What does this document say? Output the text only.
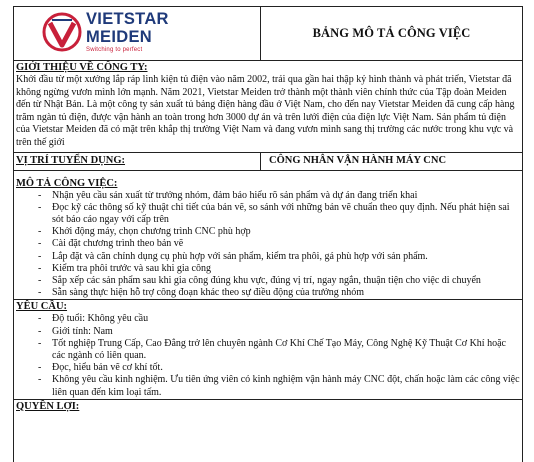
VIETSTAR
MEIDEN
Switching to perfect
BẢNG MÔ TẢ CÔNG VIỆC
GIỚI THIỆU VỀ CÔNG TY:
Khởi đầu từ một xưởng lắp ráp linh kiện tủ điện vào năm 2002, trải qua gần hai thập kỷ hình thành và phát triển, Vietstar đã không ngừng vươn mình lớn mạnh. Năm 2021, Vietstar Meiden trở thành một thành viên chính thức của Tập đoàn Meiden đến từ Nhật Bản. Là một công ty sản xuất tủ bảng điện hàng đầu ở Việt Nam, cho đến nay Vietstar Meiden đã cung cấp hàng trăm ngàn tủ điện, được vận hành an toàn trong hơn 3000 dự án và trên lưới điện của điện lực Việt Nam. Sản phẩm tủ điện của Vietstar Meiden đã có mặt trên khắp thị trường Việt Nam và đang vươn mình sang thị trường các nước trong khu vực và trên thế giới
VỊ TRÍ TUYỂN DỤNG:	CÔNG NHÂN VẬN HÀNH MÁY CNC
MÔ TẢ CÔNG VIỆC:
- Nhận yêu cầu sản xuất từ trưởng nhóm, đảm bảo hiểu rõ sản phẩm và dự án đang triển khai
- Đọc kỹ các thông số kỹ thuật chi tiết của bản vẽ, so sánh với những bản vẽ chuẩn theo quy định. Nếu phát hiện sai sót báo cáo ngay với cấp trên
- Khởi động máy, chọn chương trình CNC phù hợp
- Cài đặt chương trình theo bản vẽ
- Lắp đặt và căn chỉnh dụng cụ phù hợp với sản phẩm, kiểm tra phôi, gá phù hợp với sản phẩm.
- Kiểm tra phôi trước và sau khi gia công
- Sắp xếp các sản phẩm sau khi gia công đúng khu vực, đúng vị trí, ngay ngắn, thuận tiện cho việc di chuyển
- Sẵn sàng thực hiện hỗ trợ công đoạn khác theo sự điều động của trưởng nhóm
YÊU CẦU:
- Độ tuổi: Không yêu cầu
- Giới tính: Nam
- Tốt nghiệp Trung Cấp, Cao Đẳng trở lên chuyên ngành Cơ Khí Chế Tạo Máy, Công Nghệ Kỹ Thuật Cơ Khí hoặc các ngành có liên quan.
- Đọc, hiểu bản vẽ cơ khí tốt.
- Không yêu cầu kinh nghiệm. Ưu tiên ứng viên có kinh nghiệm vận hành máy CNC đột, chấn hoặc làm các công việc liên quan đến kim loại tấm.
QUYỀN LỢI:
